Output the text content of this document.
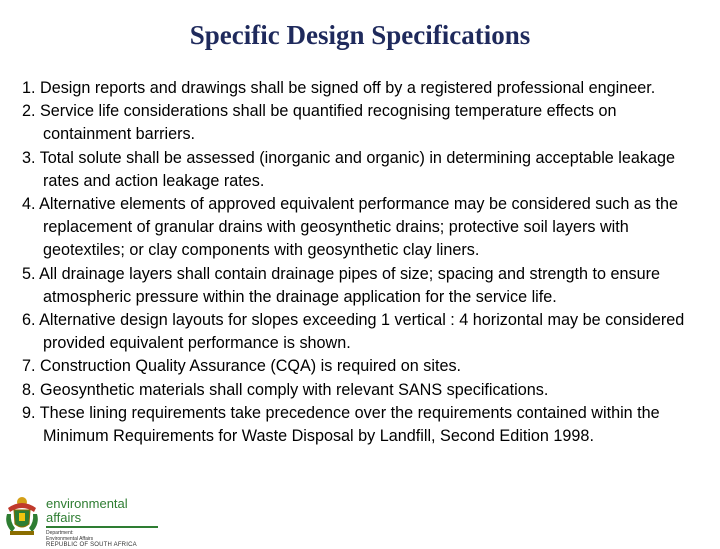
Specific Design Specifications
1. Design reports and drawings shall be signed off by a registered professional engineer.
2. Service life considerations shall be quantified recognising temperature effects on containment barriers.
3. Total solute shall be assessed (inorganic and organic) in determining acceptable leakage rates and action leakage rates.
4. Alternative elements of approved equivalent performance may be considered such as the replacement of granular drains with geosynthetic drains; protective soil layers with geotextiles; or clay components with geosynthetic clay liners.
5. All drainage layers shall contain drainage pipes of size; spacing and strength to ensure atmospheric pressure within the drainage application for the service life.
6. Alternative design layouts for slopes exceeding 1 vertical : 4 horizontal may be considered provided equivalent performance is shown.
7. Construction Quality Assurance (CQA) is required on sites.
8. Geosynthetic materials shall comply with relevant SANS specifications.
9. These lining requirements take precedence over the requirements contained within the Minimum Requirements for Waste Disposal by Landfill, Second Edition 1998.
environmental affairs
Department:
Environmental Affairs
REPUBLIC OF SOUTH AFRICA
